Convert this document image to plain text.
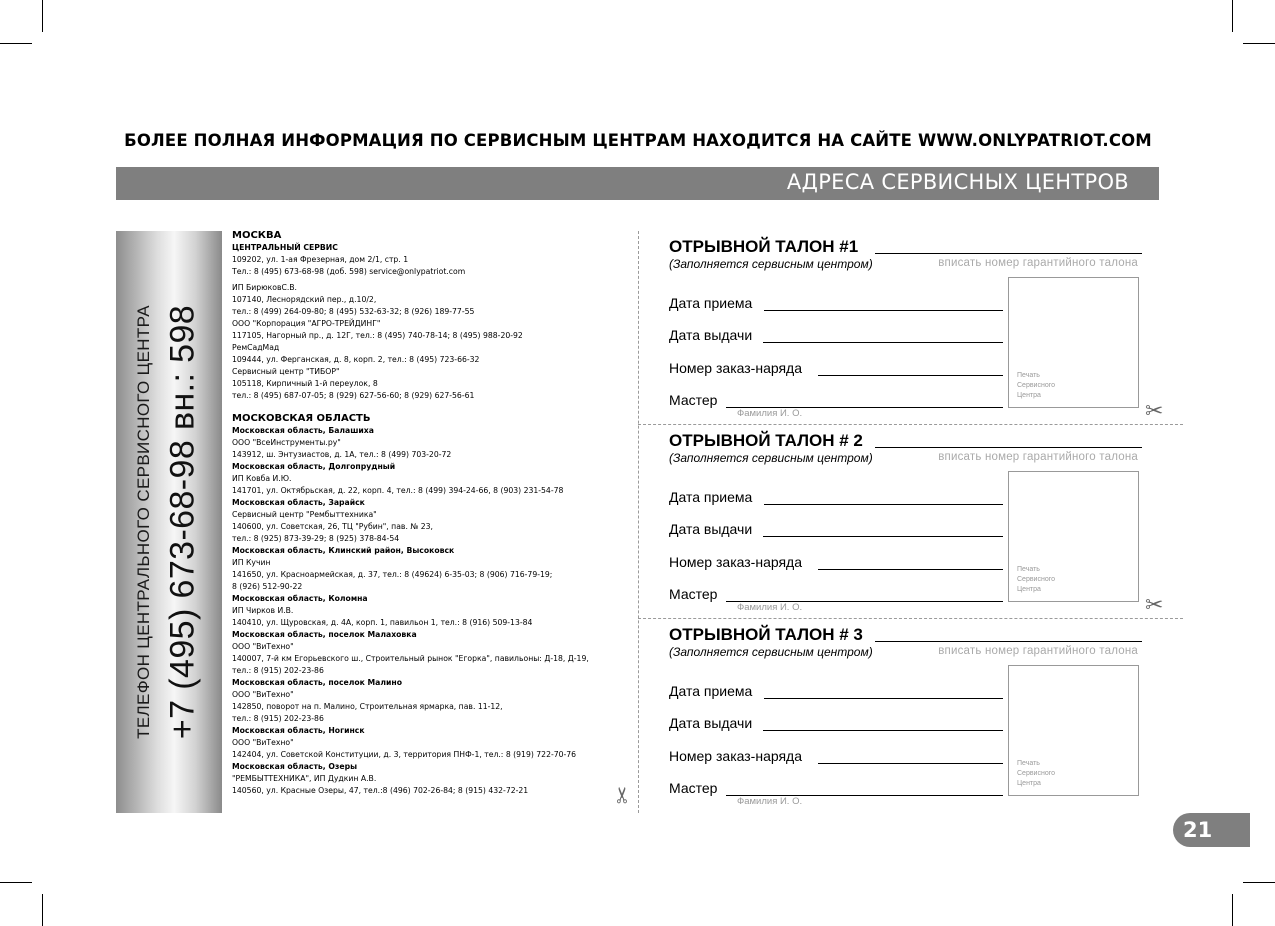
БОЛЕЕ ПОЛНАЯ ИНФОРМАЦИЯ ПО СЕРВИСНЫМ ЦЕНТРАМ НАХОДИТСЯ НА САЙТЕ WWW.ONLYPATRIOT.COM
АДРЕСА СЕРВИСНЫХ ЦЕНТРОВ
ТЕЛЕФОН ЦЕНТРАЛЬНОГО СЕРВИСНОГО ЦЕНТРА +7 (495) 673-68-98 вн.: 598
МОСКВА
ЦЕНТРАЛЬНЫЙ СЕРВИС
109202, ул. 1-ая Фрезерная, дом 2/1, стр. 1
Тел.: 8 (495) 673-68-98 (доб. 598) service@onlypatriot.com
ИП БирюковС.В.
107140, Леснорядский пер., д.10/2,
тел.: 8 (499) 264-09-80; 8 (495) 532-63-32; 8 (926) 189-77-55
ООО "Корпорация "АГРО-ТРЕЙДИНГ"
117105, Нагорный пр., д. 12Г, тел.: 8 (495) 740-78-14; 8 (495) 988-20-92
РемСадМад
109444, ул. Ферганская, д. 8, корп. 2, тел.: 8 (495) 723-66-32
Сервисный центр "ТИБОР"
105118, Кирпичный 1-й переулок, 8
тел.: 8 (495) 687-07-05; 8 (929) 627-56-60; 8 (929) 627-56-61
МОСКОВСКАЯ ОБЛАСТЬ
Московская область, Балашиха
ООО "ВсеИнструменты.ру"
143912, ш. Энтузиастов, д. 1А, тел.: 8 (499) 703-20-72
Московская область, Долгопрудный
ИП Ковба И.Ю.
141701, ул. Октябрьская, д. 22, корп. 4, тел.: 8 (499) 394-24-66, 8 (903) 231-54-78
Московская область, Зарайск
Сервисный центр "Рембыттехника"
140600, ул. Советская, 26, ТЦ "Рубин", пав. № 23,
тел.: 8 (925) 873-39-29; 8 (925) 378-84-54
Московская область, Клинский район, Высоковск
ИП Кучин
141650, ул. Красноармейская, д. 37, тел.: 8 (49624) 6-35-03; 8 (906) 716-79-19;
8 (926) 512-90-22
Московская область, Коломна
ИП Чирков И.В.
140410, ул. Щуровская, д. 4А, корп. 1, павильон 1, тел.: 8 (916) 509-13-84
Московская область, поселок Малаховка
ООО "ВиТехно"
140007, 7-й км Егорьевского ш., Строительный рынок "Егорка", павильоны: Д-18, Д-19,
тел.: 8 (915) 202-23-86
Московская область, поселок Малино
ООО "ВиТехно"
142850, поворот на п. Малино, Строительная ярмарка, пав. 11-12,
тел.: 8 (915) 202-23-86
Московская область, Ногинск
ООО "ВиТехно"
142404, ул. Советской Конституции, д. 3, территория ПНФ-1, тел.: 8 (919) 722-70-76
Московская область, Озеры
"РЕМБЫТТЕХНИКА", ИП Дудкин А.В.
140560, ул. Красные Озеры, 47, тел.:8 (496) 702-26-84; 8 (915) 432-72-21
✂
✂
✂
ОТРЫВНОЙ ТАЛОН #1
(Заполняется сервисным центром)	вписать номер гарантийного талона
Дата приема
Дата выдачи
Номер заказ-наряда
Мастер
Фамилия И. О.
Печать
Сервисного
Центра
ОТРЫВНОЙ ТАЛОН # 2
(Заполняется сервисным центром)	вписать номер гарантийного талона
Дата приема
Дата выдачи
Номер заказ-наряда
Мастер
Фамилия И. О.
Печать
Сервисного
Центра
ОТРЫВНОЙ ТАЛОН # 3
(Заполняется сервисным центром)	вписать номер гарантийного талона
Дата приема
Дата выдачи
Номер заказ-наряда
Мастер
Фамилия И. О.
Печать
Сервисного
Центра
21
